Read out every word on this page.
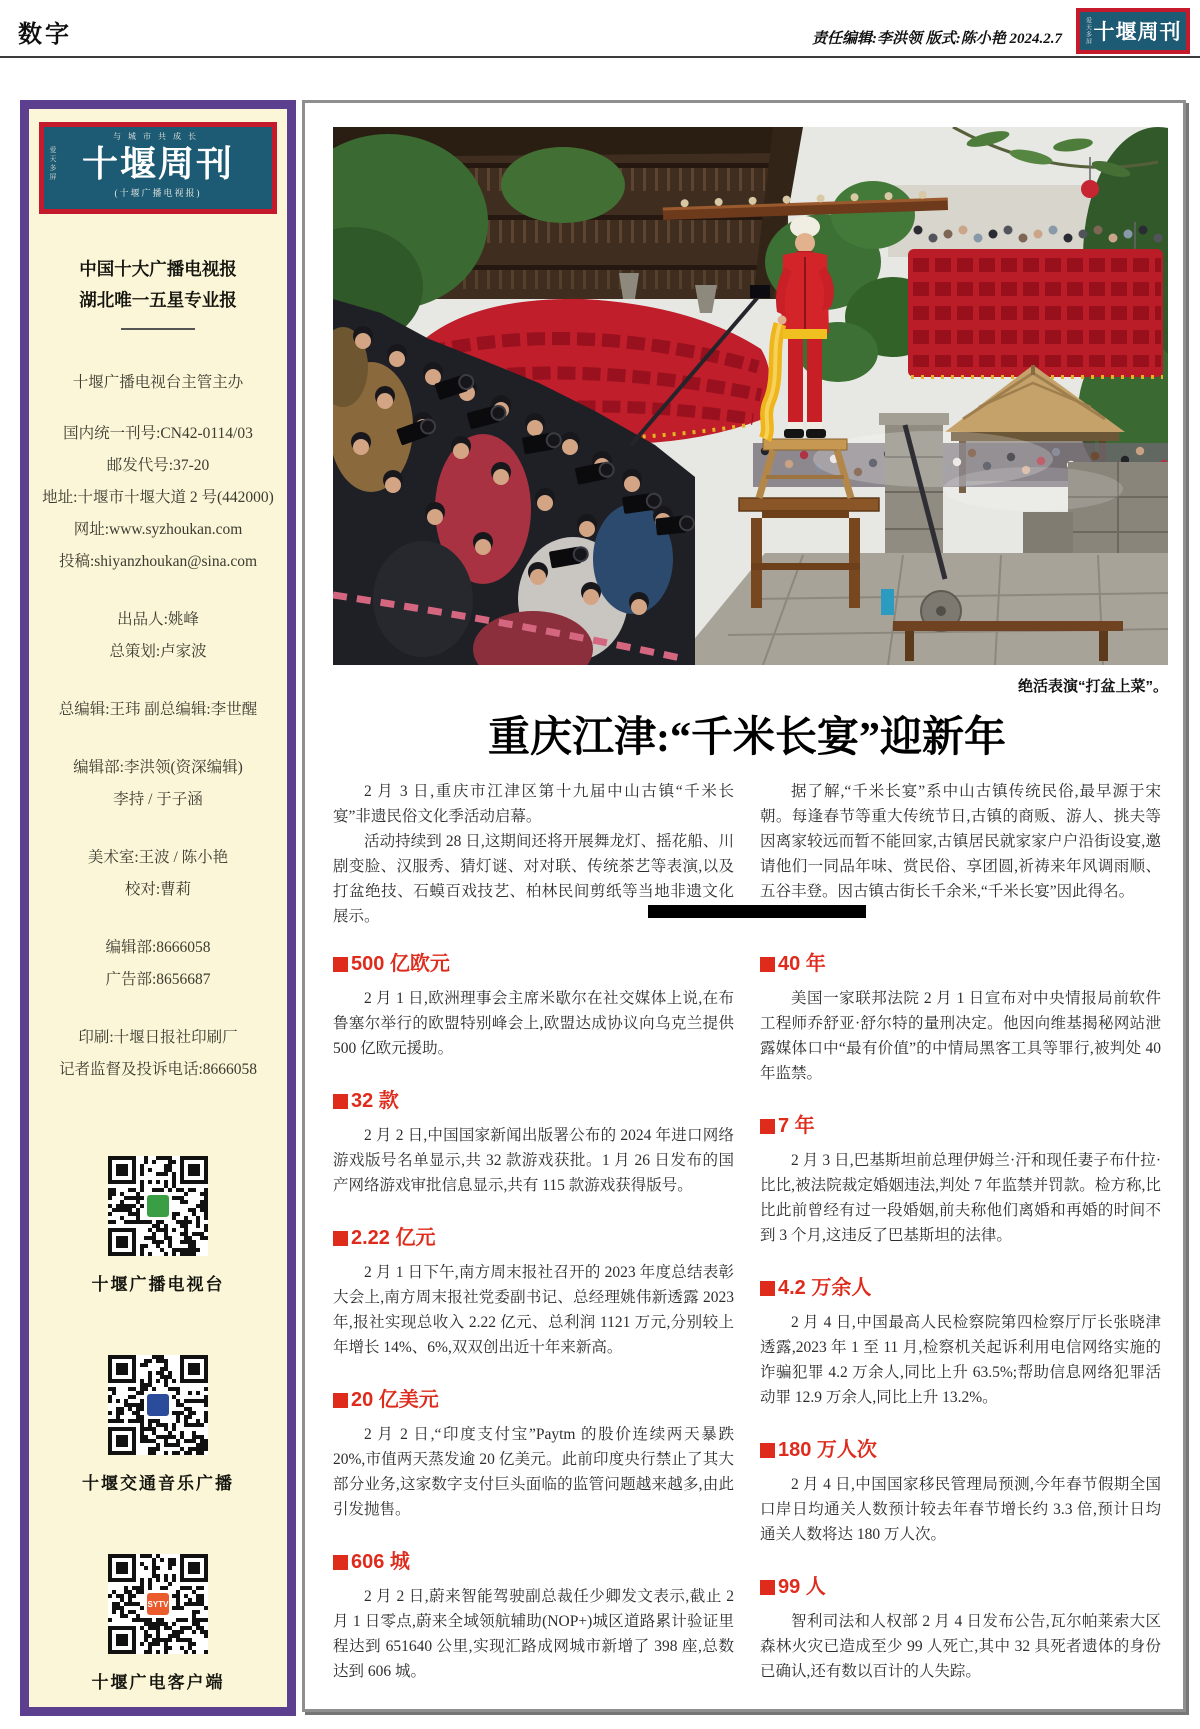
数字	责任编辑:李洪领 版式:陈小艳 2024.2.7	爱天多屏 十堰周刊
与城市共成长
爱天多屏 十堰周刊
(十堰广播电视报)
中国十大广播电视报
湖北唯一五星专业报

十堰广播电视台主管主办

国内统一刊号:CN42-0114/03

邮发代号:37-20

地址:十堰市十堰大道 2 号(442000)

网址:www.syzhoukan.com

投稿:shiyanzhoukan@sina.com

出品人:姚峰

总策划:卢家波

总编辑:王玮 副总编辑:李世醒

编辑部:李洪领(资深编辑)

李持 / 于子涵

美术室:王波 / 陈小艳

校对:曹莉

编辑部:8666058

广告部:8656687

印刷:十堰日报社印刷厂

记者监督及投诉电话:8666058

十堰广播电视台

十堰交通音乐广播

SYTV

十堰广电客户端

绝活表演“打盆上菜”。

重庆江津:“千米长宴”迎新年

2 月 3 日,重庆市江津区第十九届中山古镇“千米长宴”非遗民俗文化季活动启幕。

活动持续到 28 日,这期间还将开展舞龙灯、摇花船、川剧变脸、汉服秀、猜灯谜、对对联、传统茶艺等表演,以及打盆绝技、石蟆百戏技艺、柏林民间剪纸等当地非遗文化展示。

据了解,“千米长宴”系中山古镇传统民俗,最早源于宋朝。每逢春节等重大传统节日,古镇的商贩、游人、挑夫等因离家较远而暂不能回家,古镇居民就家家户户沿街设宴,邀请他们一同品年味、赏民俗、享团圆,祈祷来年风调雨顺、五谷丰登。因古镇古街长千余米,“千米长宴”因此得名。

500 亿欧元

2 月 1 日,欧洲理事会主席米歇尔在社交媒体上说,在布鲁塞尔举行的欧盟特别峰会上,欧盟达成协议向乌克兰提供 500 亿欧元援助。

32 款

2 月 2 日,中国国家新闻出版署公布的 2024 年进口网络游戏版号名单显示,共 32 款游戏获批。1 月 26 日发布的国产网络游戏审批信息显示,共有 115 款游戏获得版号。

2.22 亿元

2 月 1 日下午,南方周末报社召开的 2023 年度总结表彰大会上,南方周末报社党委副书记、总经理姚伟新透露 2023 年,报社实现总收入 2.22 亿元、总利润 1121 万元,分别较上年增长 14%、6%,双双创出近十年来新高。

20 亿美元

2 月 2 日,“印度支付宝”Paytm 的股价连续两天暴跌 20%,市值两天蒸发逾 20 亿美元。此前印度央行禁止了其大部分业务,这家数字支付巨头面临的监管问题越来越多,由此引发抛售。

606 城

2 月 2 日,蔚来智能驾驶副总裁任少卿发文表示,截止 2 月 1 日零点,蔚来全域领航辅助(NOP+)城区道路累计验证里程达到 651640 公里,实现汇路成网城市新增了 398 座,总数达到 606 城。

40 年

美国一家联邦法院 2 月 1 日宣布对中央情报局前软件工程师乔舒亚·舒尔特的量刑决定。他因向维基揭秘网站泄露媒体口中“最有价值”的中情局黑客工具等罪行,被判处 40 年监禁。

7 年

2 月 3 日,巴基斯坦前总理伊姆兰·汗和现任妻子布什拉·比比,被法院裁定婚姻违法,判处 7 年监禁并罚款。检方称,比比此前曾经有过一段婚姻,前夫称他们离婚和再婚的时间不到 3 个月,这违反了巴基斯坦的法律。

4.2 万余人

2 月 4 日,中国最高人民检察院第四检察厅厅长张晓津透露,2023 年 1 至 11 月,检察机关起诉利用电信网络实施的诈骗犯罪 4.2 万余人,同比上升 63.5%;帮助信息网络犯罪活动罪 12.9 万余人,同比上升 13.2%。

180 万人次

2 月 4 日,中国国家移民管理局预测,今年春节假期全国口岸日均通关人数预计较去年春节增长约 3.3 倍,预计日均通关人数将达 180 万人次。

99 人

智利司法和人权部 2 月 4 日发布公告,瓦尔帕莱索大区森林火灾已造成至少 99 人死亡,其中 32 具死者遗体的身份已确认,还有数以百计的人失踪。
